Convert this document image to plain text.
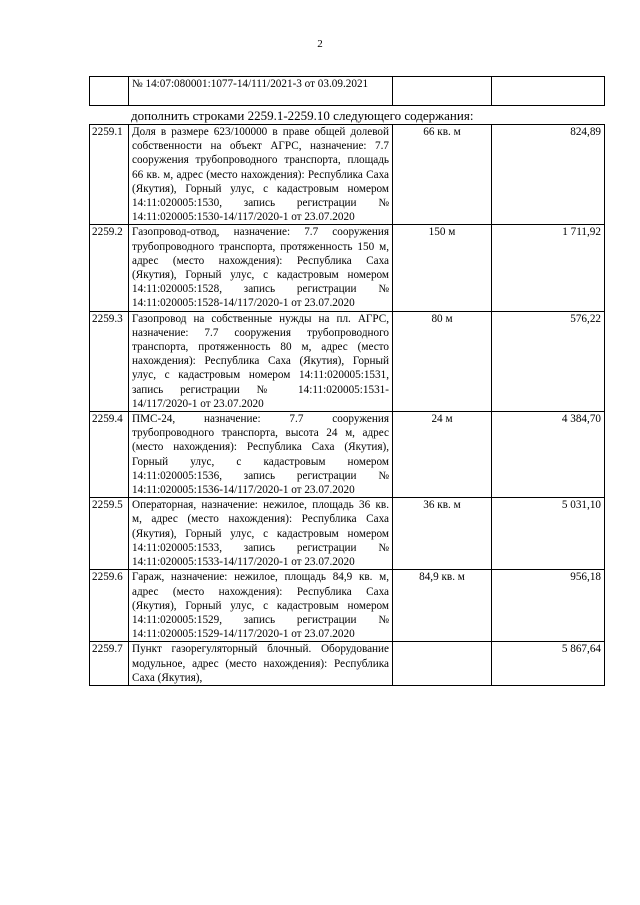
2
	№ 14:07:080001:1077-14/111/2021-3 от 03.09.2021		
дополнить строками 2259.1-2259.10 следующего содержания:
2259.1	Доля в размере 623/100000 в праве общей долевой собственности на объект АГРС, назначение: 7.7 сооружения трубопроводного транспорта, площадь 66 кв. м, адрес (место нахождения): Республика Саха (Якутия), Горный улус, с кадастровым номером 14:11:020005:1530, запись регистрации № 14:11:020005:1530-14/117/2020-1 от 23.07.2020	66 кв. м	824,89
2259.2	Газопровод-отвод, назначение: 7.7 сооружения трубопроводного транспорта, протяженность 150 м, адрес (место нахождения): Республика Саха (Якутия), Горный улус, с кадастровым номером 14:11:020005:1528, запись регистрации № 14:11:020005:1528-14/117/2020-1 от 23.07.2020	150 м	1 711,92
2259.3	Газопровод на собственные нужды на пл. АГРС, назначение: 7.7 сооружения трубопроводного транспорта, протяженность 80 м, адрес (место нахождения): Республика Саха (Якутия), Горный улус, с кадастровым номером 14:11:020005:1531, запись регистрации № 14:11:020005:1531-14/117/2020-1 от 23.07.2020	80 м	576,22
2259.4	ПМС-24, назначение: 7.7 сооружения трубопроводного транспорта, высота 24 м, адрес (место нахождения): Республика Саха (Якутия), Горный улус, с кадастровым номером 14:11:020005:1536, запись регистрации № 14:11:020005:1536-14/117/2020-1 от 23.07.2020	24 м	4 384,70
2259.5	Операторная, назначение: нежилое, площадь 36 кв. м, адрес (место нахождения): Республика Саха (Якутия), Горный улус, с кадастровым номером 14:11:020005:1533, запись регистрации № 14:11:020005:1533-14/117/2020-1 от 23.07.2020	36 кв. м	5 031,10
2259.6	Гараж, назначение: нежилое, площадь 84,9 кв. м, адрес (место нахождения): Республика Саха (Якутия), Горный улус, с кадастровым номером 14:11:020005:1529, запись регистрации № 14:11:020005:1529-14/117/2020-1 от 23.07.2020	84,9 кв. м	956,18
2259.7	Пункт газорегуляторный блочный. Оборудование модульное, адрес (место нахождения): Республика Саха (Якутия),		5 867,64
